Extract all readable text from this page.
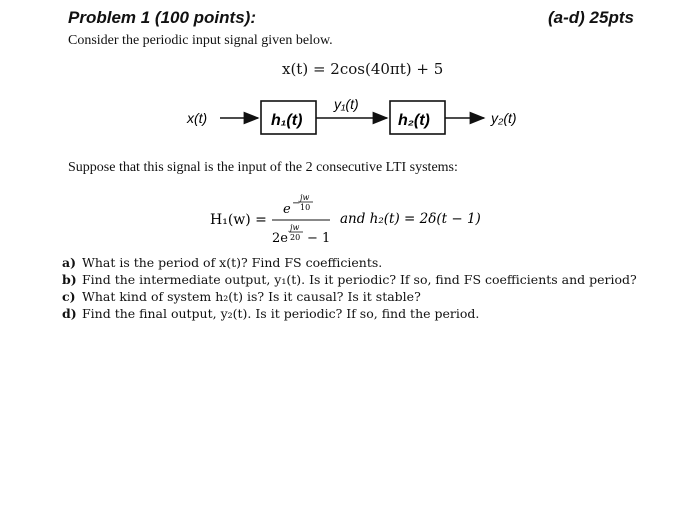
Problem 1 (100 points):	(a-d) 25pts
Consider the periodic input signal given below.
x(t) = 2cos(40πt) + 5
x(t)	h₁(t)
y₁(t)
h₂(t)	y₂(t)
Suppose that this signal is the input of the 2 consecutive LTI systems:
H₁(w) =
e −
jw
10
2e
jw
20 − 1
and h₂(t) = 2δ(t − 1)
a) What is the period of x(t)? Find FS coefficients.
b) Find the intermediate output, y₁(t). Is it periodic? If so, find FS coefficients and period?
c) What kind of system h₂(t) is? Is it causal? Is it stable?
d) Find the final output, y₂(t). Is it periodic? If so, find the period.
